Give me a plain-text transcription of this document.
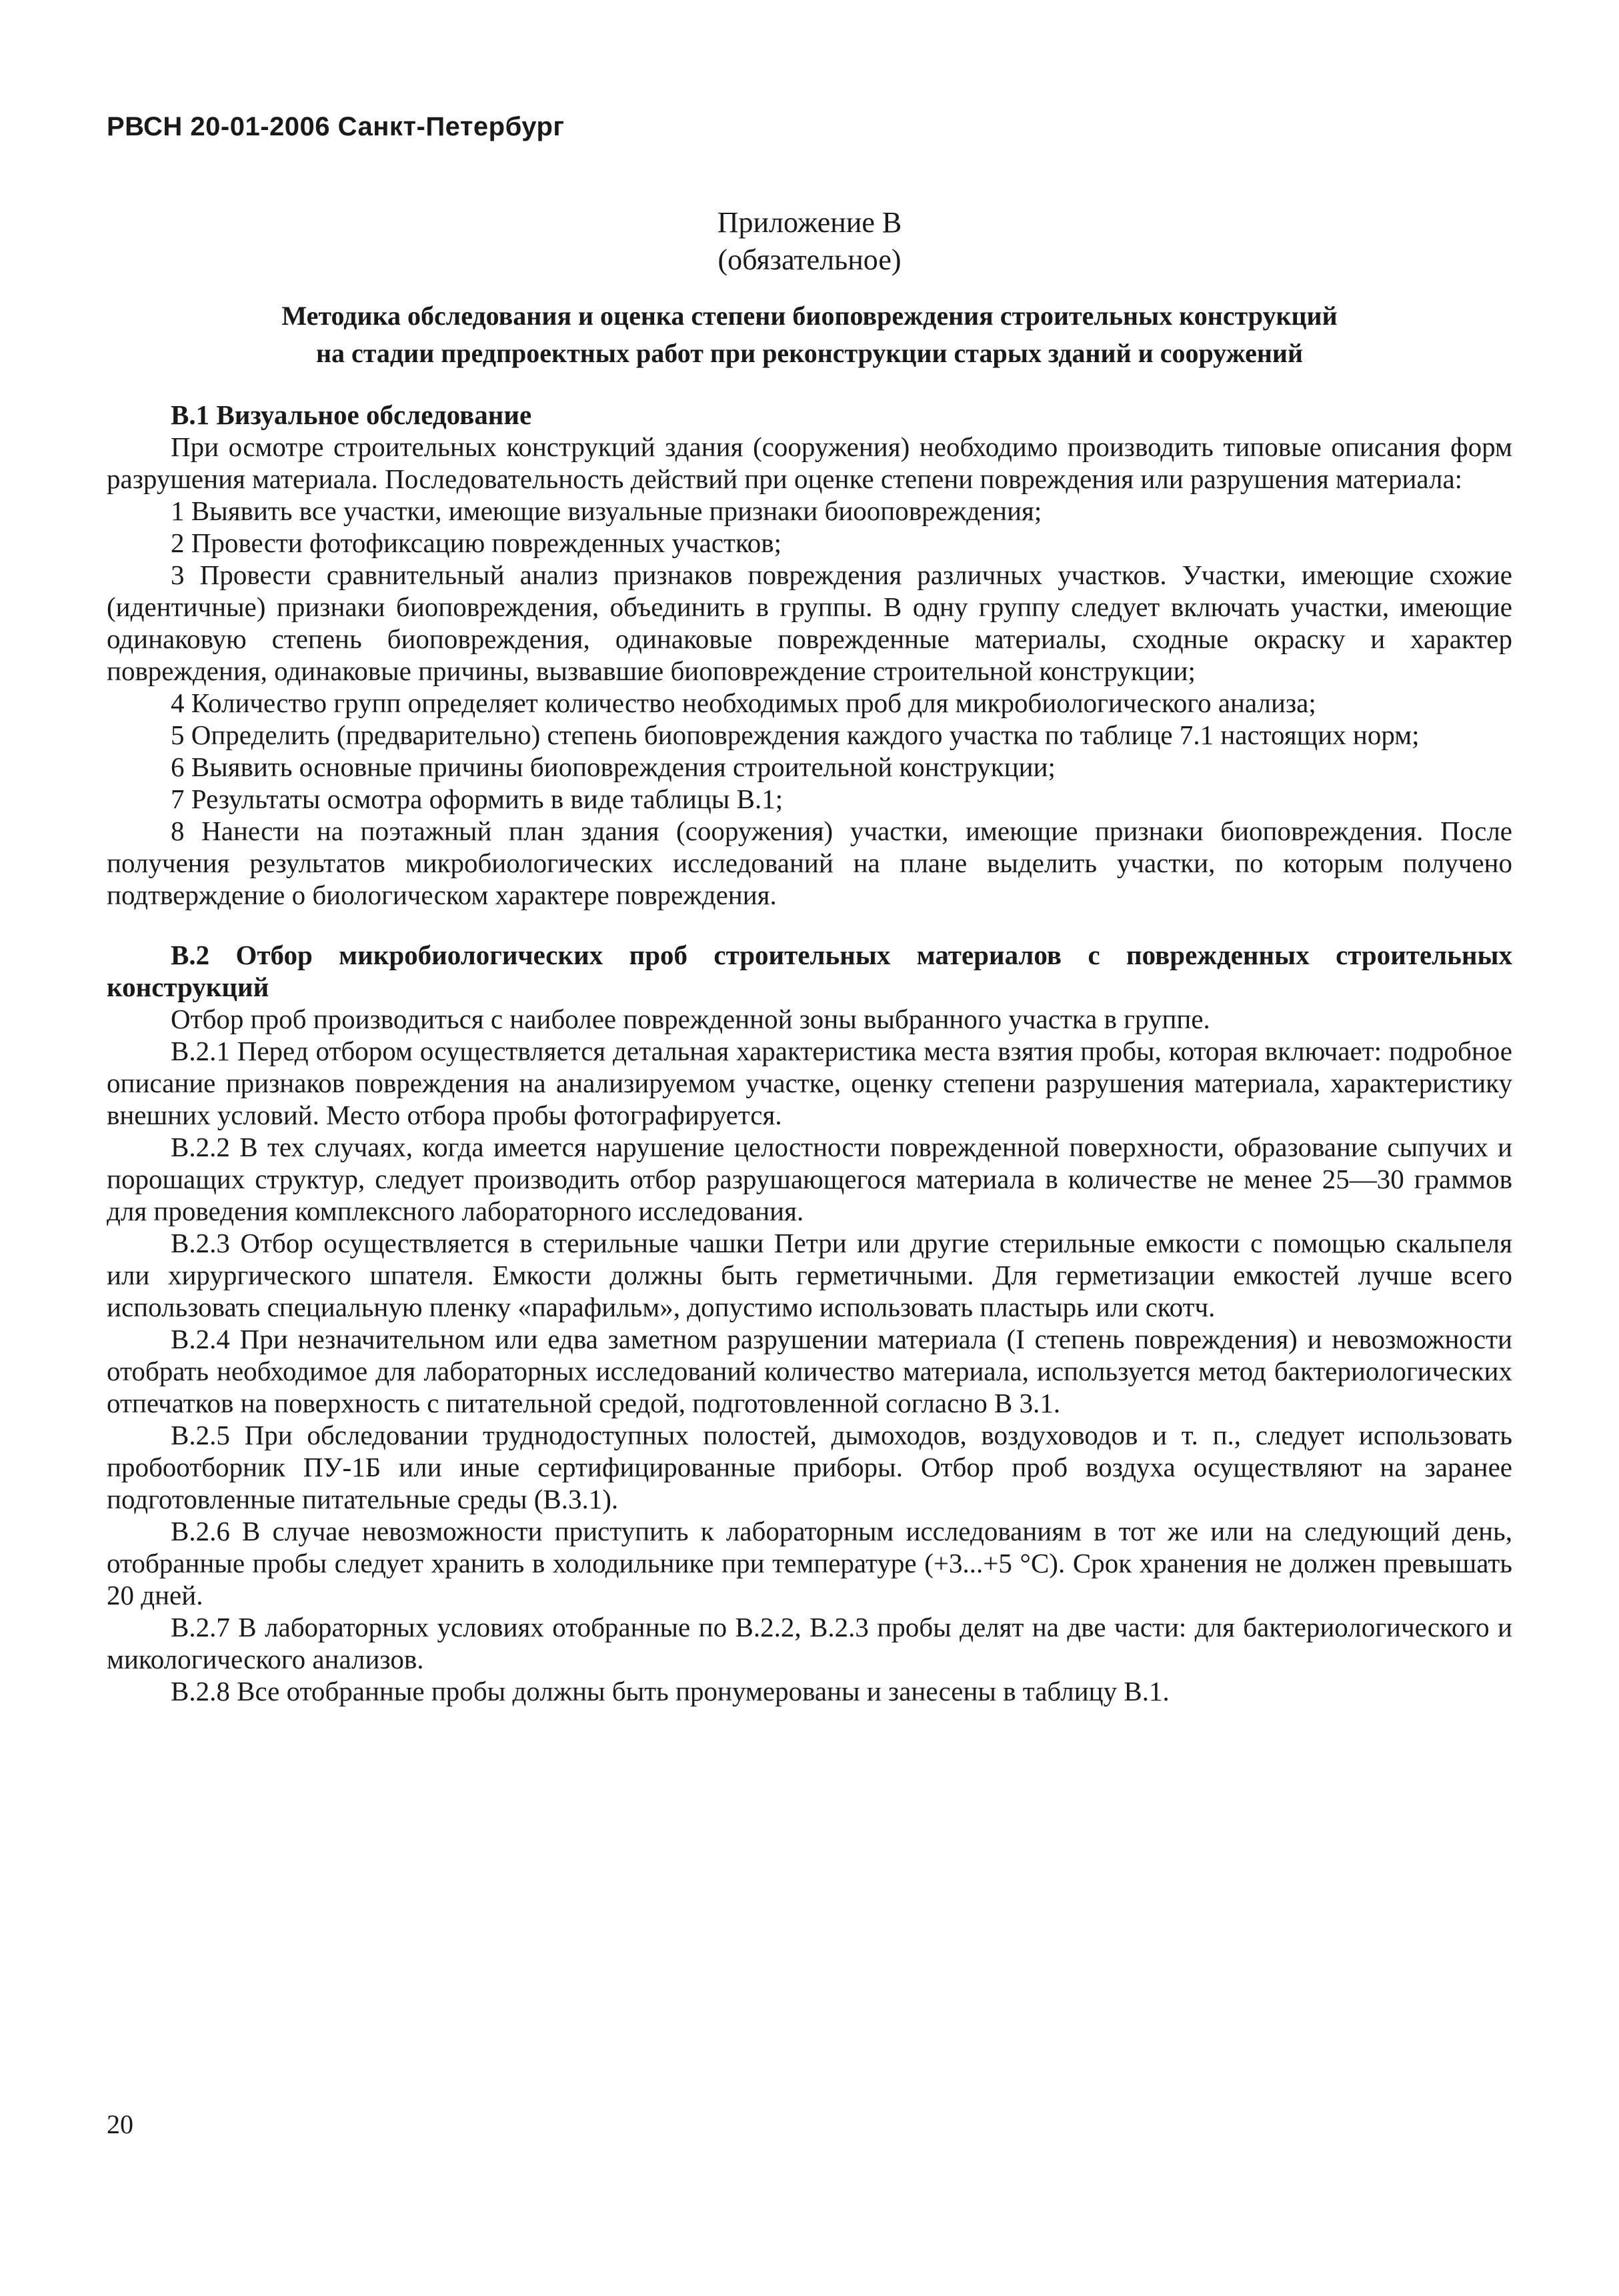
РВСН 20-01-2006 Санкт-Петербург
Приложение В
(обязательное)
Методика обследования и оценка степени биоповреждения строительных конструкций
на стадии предпроектных работ при реконструкции старых зданий и сооружений

В.1 Визуальное обследование

При осмотре строительных конструкций здания (сооружения) необходимо производить типовые описания форм разрушения материала. Последовательность действий при оценке степени повреждения или разрушения материала:

1 Выявить все участки, имеющие визуальные признаки биооповреждения;

2 Провести фотофиксацию поврежденных участков;

3 Провести сравнительный анализ признаков повреждения различных участков. Участки, имеющие схожие (идентичные) признаки биоповреждения, объединить в группы. В одну группу следует включать участки, имеющие одинаковую степень биоповреждения, одинаковые поврежденные материалы, сходные окраску и характер повреждения, одинаковые причины, вызвавшие биоповреждение строительной конструкции;

4 Количество групп определяет количество необходимых проб для микробиологического анализа;

5 Определить (предварительно) степень биоповреждения каждого участка по таблице 7.1 настоящих норм;

6 Выявить основные причины биоповреждения строительной конструкции;

7 Результаты осмотра оформить в виде таблицы В.1;

8 Нанести на поэтажный план здания (сооружения) участки, имеющие признаки биоповреждения. После получения результатов микробиологических исследований на плане выделить участки, по которым получено подтверждение о биологическом характере повреждения.

В.2 Отбор микробиологических проб строительных материалов с поврежденных строительных конструкций

Отбор проб производиться с наиболее поврежденной зоны выбранного участка в группе.

В.2.1 Перед отбором осуществляется детальная характеристика места взятия пробы, которая включает: подробное описание признаков повреждения на анализируемом участке, оценку степени разрушения материала, характеристику внешних условий. Место отбора пробы фотографируется.

В.2.2 В тех случаях, когда имеется нарушение целостности поврежденной поверхности, образование сыпучих и порошащих структур, следует производить отбор разрушающегося материала в количестве не менее 25—30 граммов для проведения комплексного лабораторного исследования.

В.2.3 Отбор осуществляется в стерильные чашки Петри или другие стерильные емкости с помощью скальпеля или хирургического шпателя. Емкости должны быть герметичными. Для герметизации емкостей лучше всего использовать специальную пленку «парафильм», допустимо использовать пластырь или скотч.

В.2.4 При незначительном или едва заметном разрушении материала (I степень повреждения) и невозможности отобрать необходимое для лабораторных исследований количество материала, используется метод бактериологических отпечатков на поверхность с питательной средой, подготовленной согласно В 3.1.

В.2.5 При обследовании труднодоступных полостей, дымоходов, воздуховодов и т. п., следует использовать пробоотборник ПУ-1Б или иные сертифицированные приборы. Отбор проб воздуха осуществляют на заранее подготовленные питательные среды (В.3.1).

В.2.6 В случае невозможности приступить к лабораторным исследованиям в тот же или на следующий день, отобранные пробы следует хранить в холодильнике при температуре (+3...+5 °С). Срок хранения не должен превышать 20 дней.

В.2.7 В лабораторных условиях отобранные по В.2.2, В.2.3 пробы делят на две части: для бактериологического и микологического анализов.

В.2.8 Все отобранные пробы должны быть пронумерованы и занесены в таблицу В.1.

20
